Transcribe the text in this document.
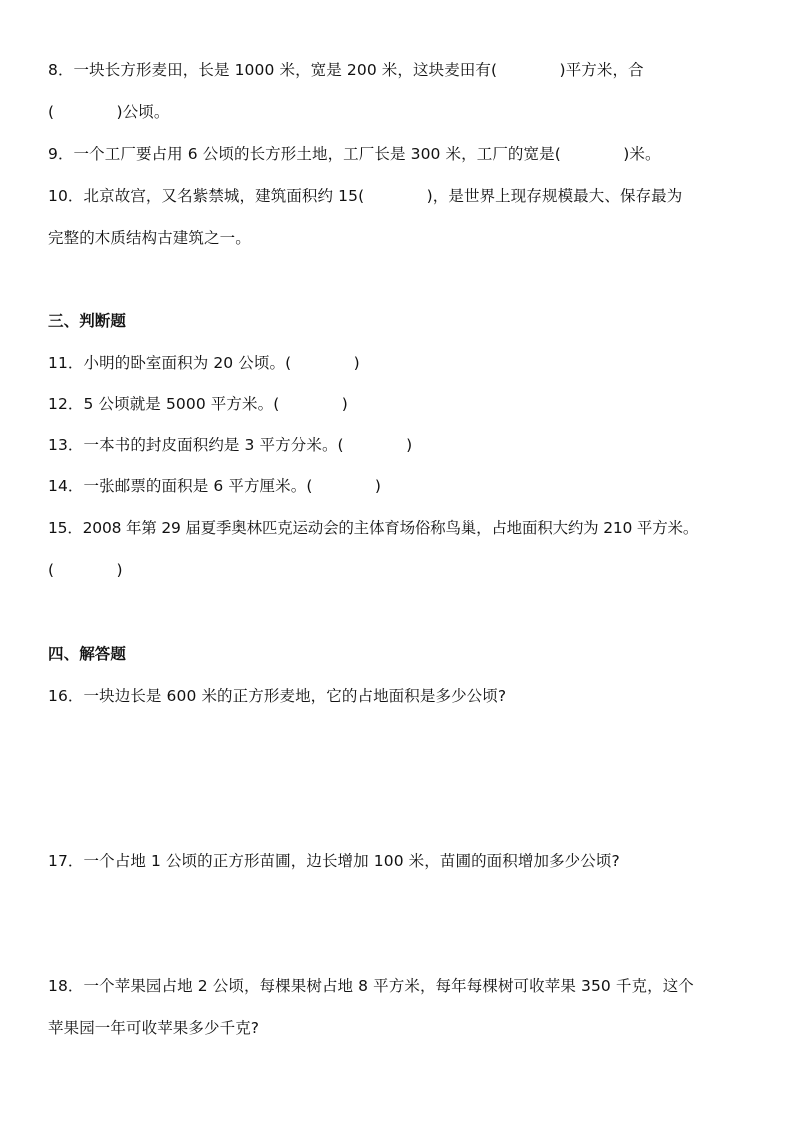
8．一块长方形麦田，长是 1000 米，宽是 200 米，这块麦田有(　　　　)平方米，合
(　　　　)公顷。
9．一个工厂要占用 6 公顷的长方形土地，工厂长是 300 米，工厂的宽是(　　　　)米。
10．北京故宫，又名紫禁城，建筑面积约 15(　　　　)，是世界上现存规模最大、保存最为
完整的木质结构古建筑之一。
三、判断题
11．小明的卧室面积为 20 公顷。(　　　　)
12．5 公顷就是 5000 平方米。(　　　　)
13．一本书的封皮面积约是 3 平方分米。(　　　　)
14．一张邮票的面积是 6 平方厘米。(　　　　)
15．2008 年第 29 届夏季奥林匹克运动会的主体育场俗称鸟巢，占地面积大约为 210 平方米。
(　　　　)
四、解答题
16．一块边长是 600 米的正方形麦地，它的占地面积是多少公顷?
17．一个占地 1 公顷的正方形苗圃，边长增加 100 米，苗圃的面积增加多少公顷?
18．一个苹果园占地 2 公顷，每棵果树占地 8 平方米，每年每棵树可收苹果 350 千克，这个
苹果园一年可收苹果多少千克?
